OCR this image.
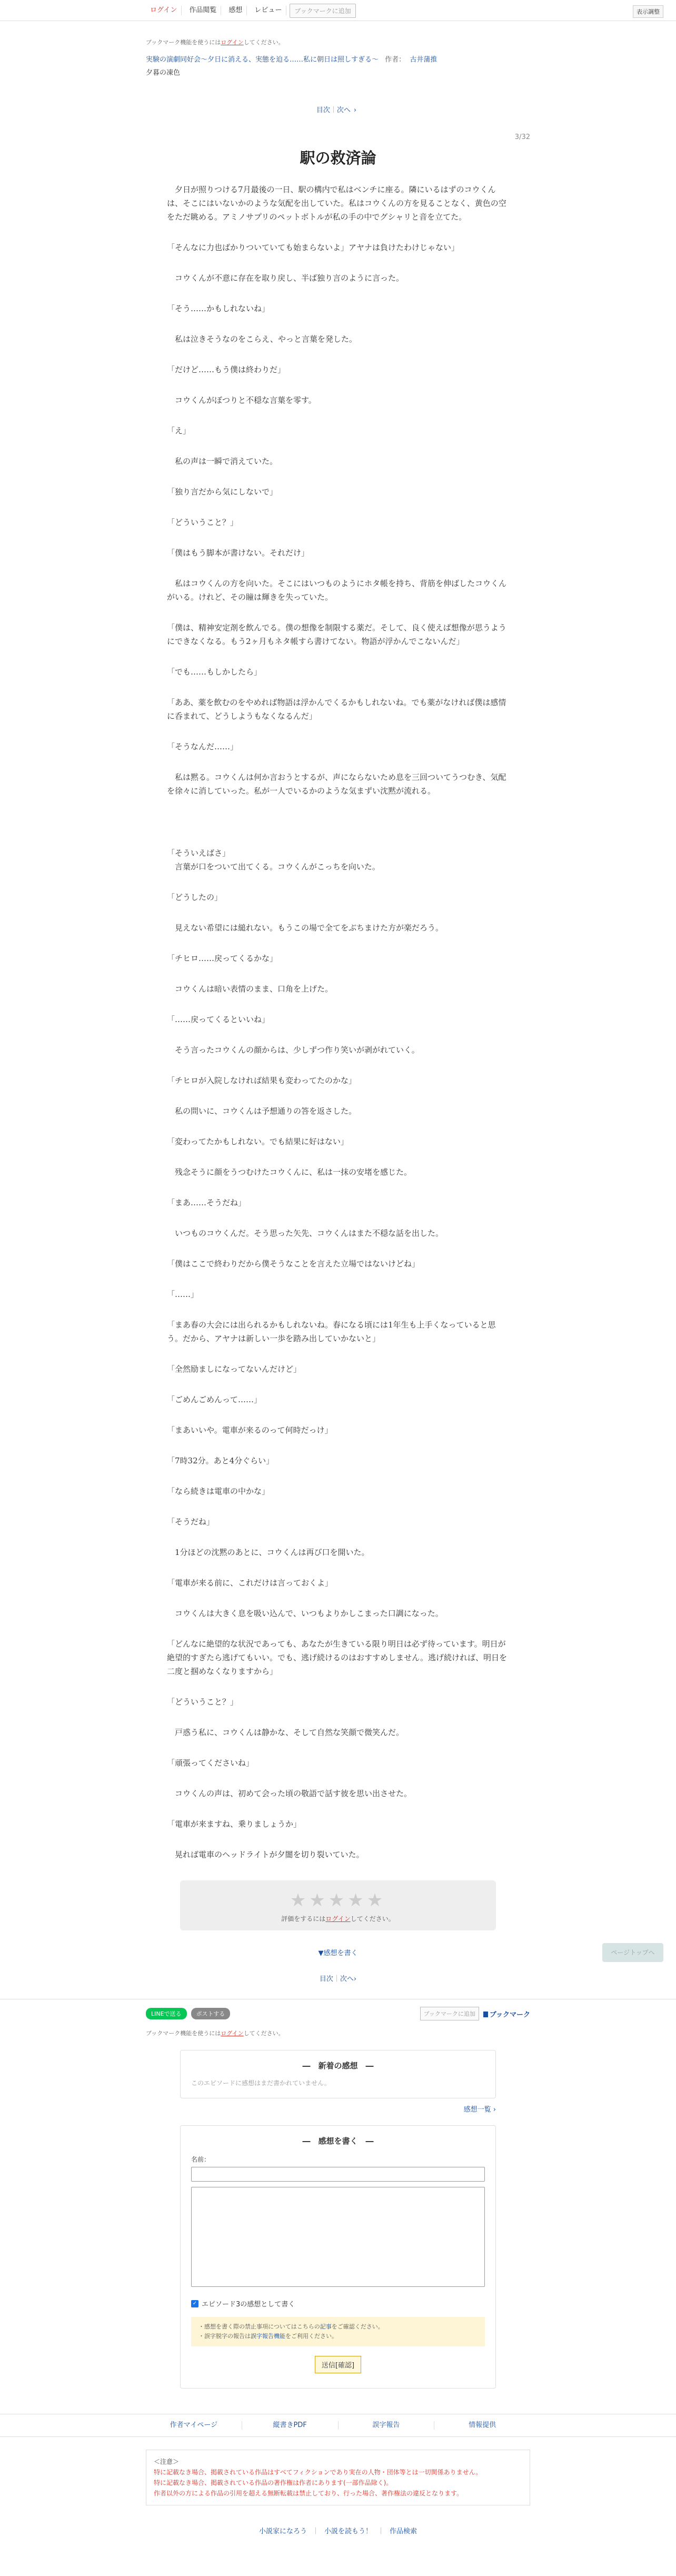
ログイン	作品閲覧	感想	レビュー	ブックマークに追加	表示調整
ブックマーク機能を使うにはログインしてください。
実験の演劇同好会〜夕日に消える、実態を迫る……私に朝日は照しすぎる〜 作者： 古井蒲推
夕暮の凍色
目次｜次へ ›
3/32
駅の救済論

　夕日が照りつける7月最後の一日、駅の構内で私はベンチに座る。隣にいるはずのコウくんは、そこにはいないかのような気配を出していた。私はコウくんの方を見ることなく、黄色の空をただ眺める。アミノサプリのペットボトルが私の手の中でグシャリと音を立てた。

「そんなに力也ばかりついていても始まらないよ」アヤナは負けたわけじゃない」

　コウくんが不意に存在を取り戻し、半ば独り言のように言った。

「そう……かもしれないね」

　私は泣きそうなのをこらえ、やっと言葉を発した。

「だけど……もう僕は終わりだ」

　コウくんがぼつりと不穏な言葉を零す。

「え」

　私の声は一瞬で消えていた。

「独り言だから気にしないで」

「どういうこと？」

「僕はもう脚本が書けない。それだけ」

　私はコウくんの方を向いた。そこにはいつものようにホタ帳を持ち、背筋を伸ばしたコウくんがいる。けれど、その瞳は輝きを失っていた。

「僕は、精神安定剤を飲んでる。僕の想像を制限する薬だ。そして、良く使えば想像が思うようにできなくなる。もう2ヶ月もネタ帳すら書けてない。物語が浮かんでこないんだ」

「でも……もしかしたら」

「ああ、薬を飲むのをやめれば物語は浮かんでくるかもしれないね。でも薬がなければ僕は感情に呑まれて、どうしようもなくなるんだ」

「そうなんだ……」

　私は黙る。コウくんは何か言おうとするが、声にならないため息を三回ついてうつむき、気配を徐々に消していった。私が一人でいるかのような気まずい沈黙が流れる。

「そういえばさ」

　言葉が口をついて出てくる。コウくんがこっちを向いた。

「どうしたの」

　見えない希望には縋れない。もうこの場で全てをぶちまけた方が楽だろう。

「チヒロ……戻ってくるかな」

　コウくんは暗い表情のまま、口角を上げた。

「……戻ってくるといいね」

　そう言ったコウくんの顔からは、少しずつ作り笑いが剥がれていく。

「チヒロが入院しなければ結果も変わってたのかな」

　私の問いに、コウくんは予想通りの答を返さした。

「変わってたかもしれない。でも結果に好はない」

　残念そうに顔をうつむけたコウくんに、私は一抹の安堵を感じた。

「まあ……そうだね」

　いつものコウくんだ。そう思った矢先、コウくんはまた不穏な話を出した。

「僕はここで終わりだから僕そうなことを言えた立場ではないけどね」

「……」

「まあ春の大会には出られるかもしれないね。春になる頃には1年生も上手くなっていると思う。だから、アヤナは新しい一歩を踏み出していかないと」

「全然励ましになってないんだけど」

「ごめんごめんって……」

「まあいいや。電車が来るのって何時だっけ」

「7時32分。あと4分ぐらい」

「なら続きは電車の中かな」

「そうだね」

　1分ほどの沈黙のあとに、コウくんは再び口を開いた。

「電車が来る前に、これだけは言っておくよ」

　コウくんは大きく息を吸い込んで、いつもよりかしこまった口調になった。

「どんなに絶望的な状況であっても、あなたが生きている限り明日は必ず待っています。明日が絶望的すぎたら逃げてもいい。でも、逃げ続けるのはおすすめしません。逃げ続ければ、明日を二度と掴めなくなりますから」

「どういうこと？」

　戸惑う私に、コウくんは静かな、そして自然な笑顔で微笑んだ。

「頑張ってくださいね」

　コウくんの声は、初めて会った頃の敬語で話す彼を思い出させた。

「電車が来ますね、乗りましょうか」

　晃れば電車のヘッドライトが夕闇を切り裂いていた。

★★★★★
評価をするにはログインしてください。
▼感想を書く
目次｜次へ›
LINEで送る	ポストする	ブックマークに追加	ブックマーク
ブックマーク機能を使うにはログインしてください。
―　新着の感想　―
このエピソードに感想はまだ書かれていません。
感想一覧 ›
―　感想を書く　―
名前：
✓ エピソード3の感想として書く
・感想を書く際の禁止事項についてはこちらの記事をご確認ください。
・誤字脱字の報告は誤字報告機能をご利用ください。
送信[確認]
作者マイページ	縦書きPDF	誤字報告	情報提供
＜注意＞
特に記載なき場合、掲載されている作品はすべてフィクションであり実在の人物・団体等とは一切関係ありません。
特に記載なき場合、掲載されている作品の著作権は作者にあります(一部作品除く)。
作者以外の方による作品の引用を超える無断転載は禁止しており、行った場合、著作権法の違反となります。
小説家になろう ｜ 小説を読もう！ ｜ 作品検索
ページトップへ
